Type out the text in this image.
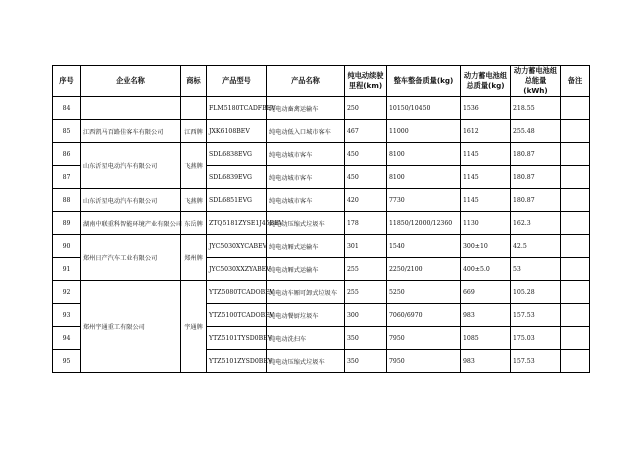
序号	企业名称	商标	产品型号	产品名称	纯电动续驶里程(km)	整车整备质量(kg)	动力蓄电池组总质量(kg)	动力蓄电池组总能量(kWh)	备注
84			FLM5180TCADFBEV	纯电动畜禽运输车	250	10150/10450	1536	218.55	
85	江西凯马百路佳客车有限公司	江西牌	JXK6108BEV	纯电动低入口城市客车	467	11000	1612	255.48	
86	山东沂星电动汽车有限公司	飞燕牌	SDL6838EVG	纯电动城市客车	450	8100	1145	180.87	
87			SDL6839EVG	纯电动城市客车	450	8100	1145	180.87	
88	山东沂星电动汽车有限公司	飞燕牌	SDL6851EVG	纯电动城市客车	420	7730	1145	180.87	
89	湖南中联重科智能环境产业有限公司	东岳牌	ZTQ5181ZYSE1J45BEV	纯电动压缩式垃圾车	178	11850/12000/12360	1130	162.3	
90	郑州日产汽车工业有限公司	郑州牌	JYC5030XYCABEV	纯电动厢式运输车	301	1540	300±10	42.5	
91			JYC5030XXZYABEV	纯电动厢式运输车	255	2250/2100	400±5.0	53	
92	郑州宇通重工有限公司	宇通牌	YTZ5080TCADOBEV	纯电动车厢可卸式垃圾车	255	5250	669	105.28	
93			YTZ5100TCADOBEV	纯电动餐厨垃圾车	300	7060/6970	983	157.53	
94			YTZ5101TYSD0BEV	纯电动洗扫车	350	7950	1085	175.03	
95			YTZ5101ZYSD0BEV	纯电动压缩式垃圾车	350	7950	983	157.53	
